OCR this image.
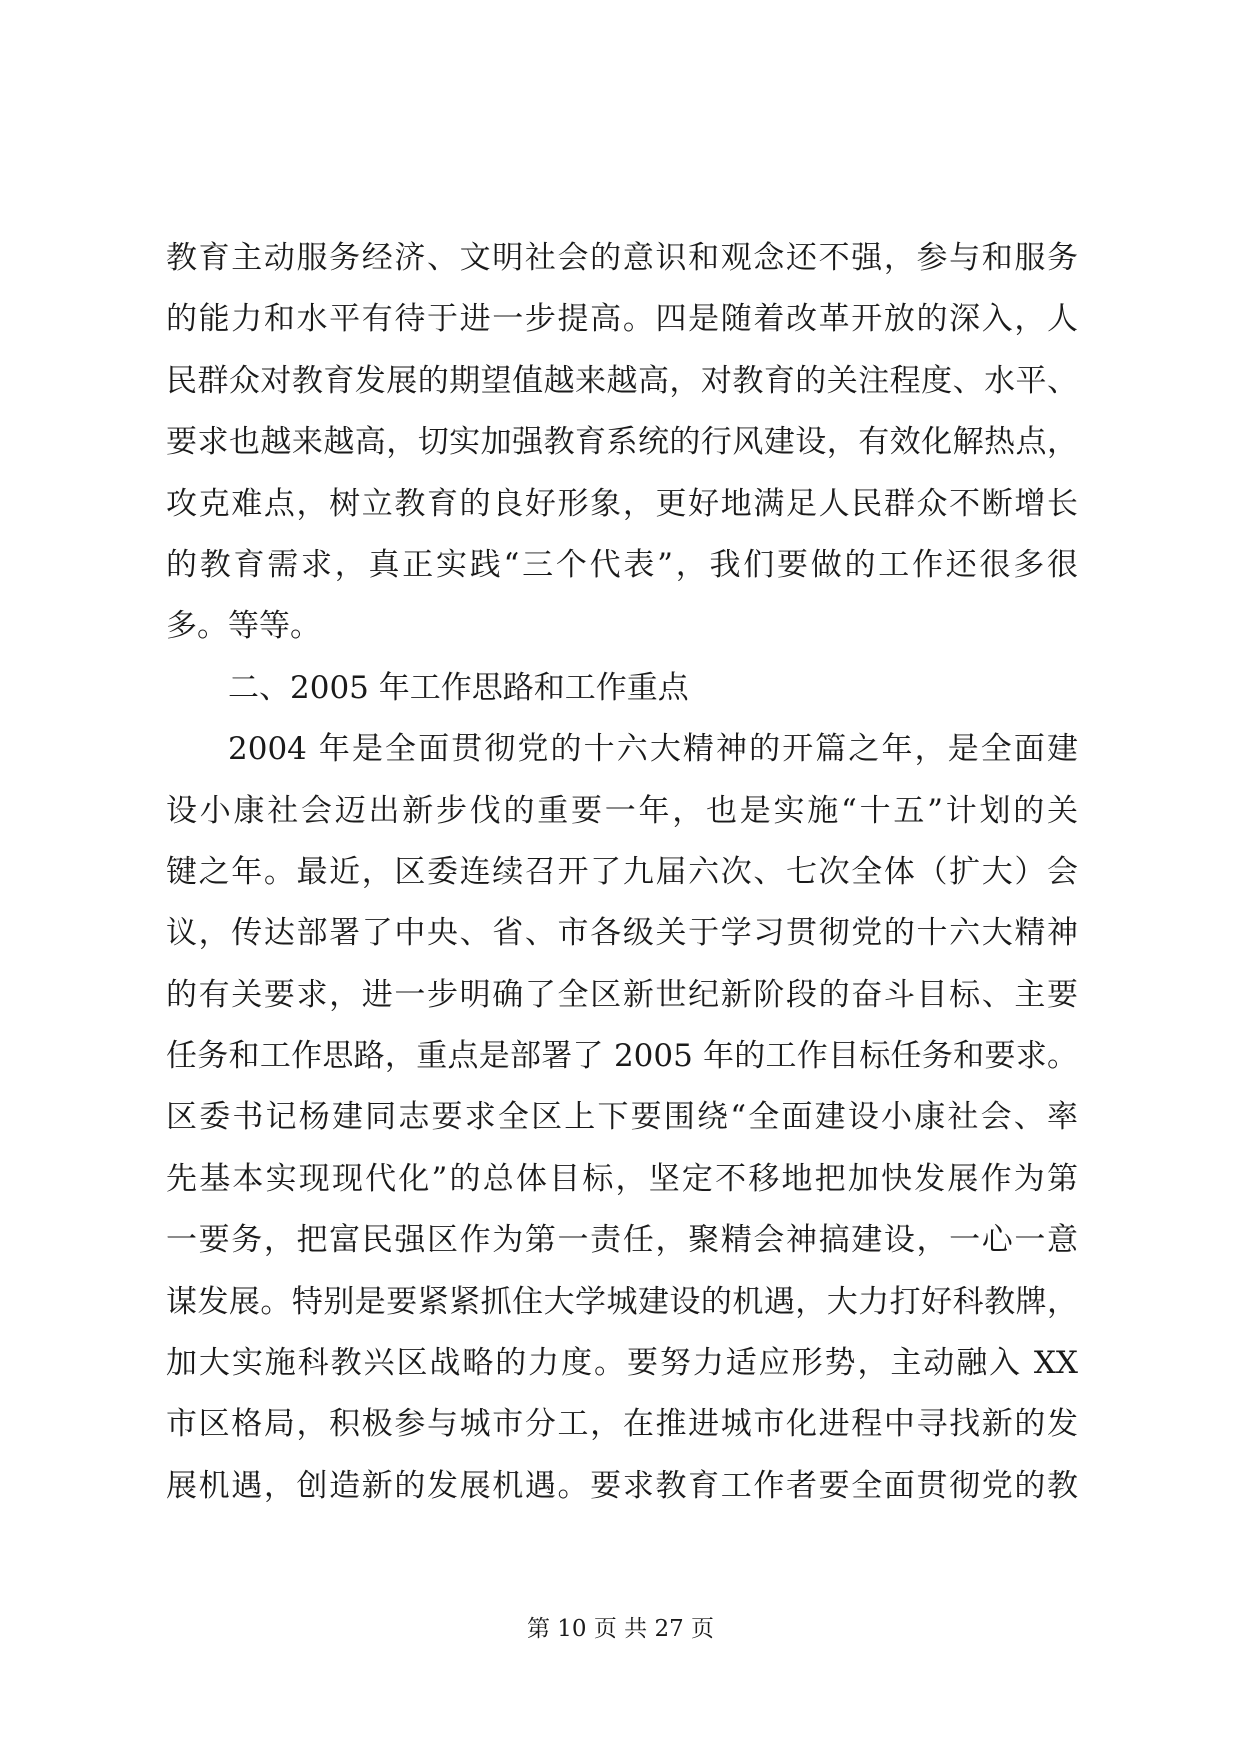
教育主动服务经济、文明社会的意识和观念还不强，参与和服务
的能力和水平有待于进一步提高。四是随着改革开放的深入，人
民群众对教育发展的期望值越来越高，对教育的关注程度、水平、
要求也越来越高，切实加强教育系统的行风建设，有效化解热点，
攻克难点，树立教育的良好形象，更好地满足人民群众不断增长
的教育需求，真正实践“三个代表”，我们要做的工作还很多很
多。等等。
二、2005 年工作思路和工作重点
2004 年是全面贯彻党的十六大精神的开篇之年，是全面建
设小康社会迈出新步伐的重要一年，也是实施“十五”计划的关
键之年。最近，区委连续召开了九届六次、七次全体（扩大）会
议，传达部署了中央、省、市各级关于学习贯彻党的十六大精神
的有关要求，进一步明确了全区新世纪新阶段的奋斗目标、主要
任务和工作思路，重点是部署了 2005 年的工作目标任务和要求。
区委书记杨建同志要求全区上下要围绕“全面建设小康社会、率
先基本实现现代化”的总体目标，坚定不移地把加快发展作为第
一要务，把富民强区作为第一责任，聚精会神搞建设，一心一意
谋发展。特别是要紧紧抓住大学城建设的机遇，大力打好科教牌，
加大实施科教兴区战略的力度。要努力适应形势，主动融入 XX
市区格局，积极参与城市分工，在推进城市化进程中寻找新的发
展机遇，创造新的发展机遇。要求教育工作者要全面贯彻党的教
第 10 页 共 27 页
